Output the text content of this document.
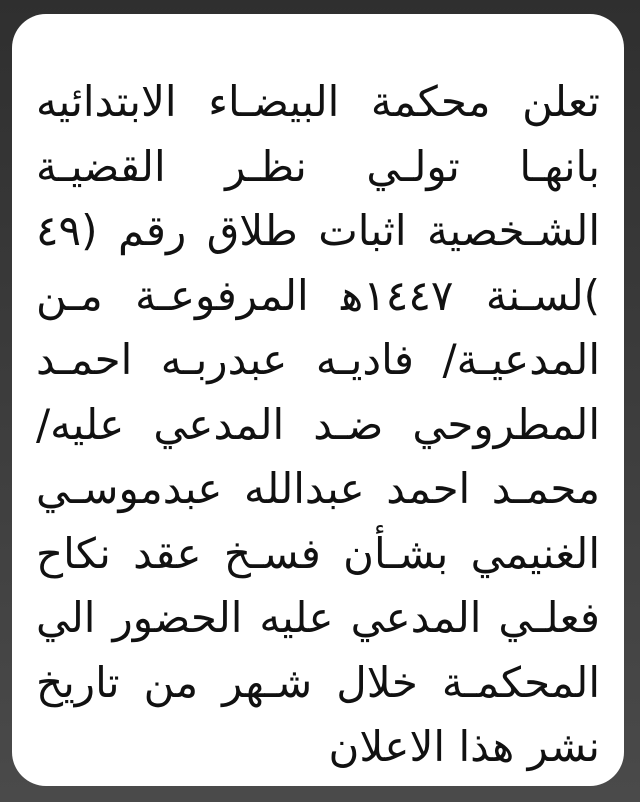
تعلن محكمة البيضـاء الابتدائيه
بانهـا تولـي نظـر القضيـة
الشـخصية اثبات طلاق رقم (٤٩
)لسـنة ١٤٤٧ﮬ المرفوعـة مـن
المدعيـة/ فاديـه عبدربـه احمـد
المطروحي ضـد المدعي عليه/
محمـد احمد عبدالله عبدموسـي
الغنيمي بشـأن فسـخ عقد نكاح
فعلـي المدعي عليه الحضور الي
المحكمـة خلال شـهر من تاريخ
نشر هذا الاعلان
